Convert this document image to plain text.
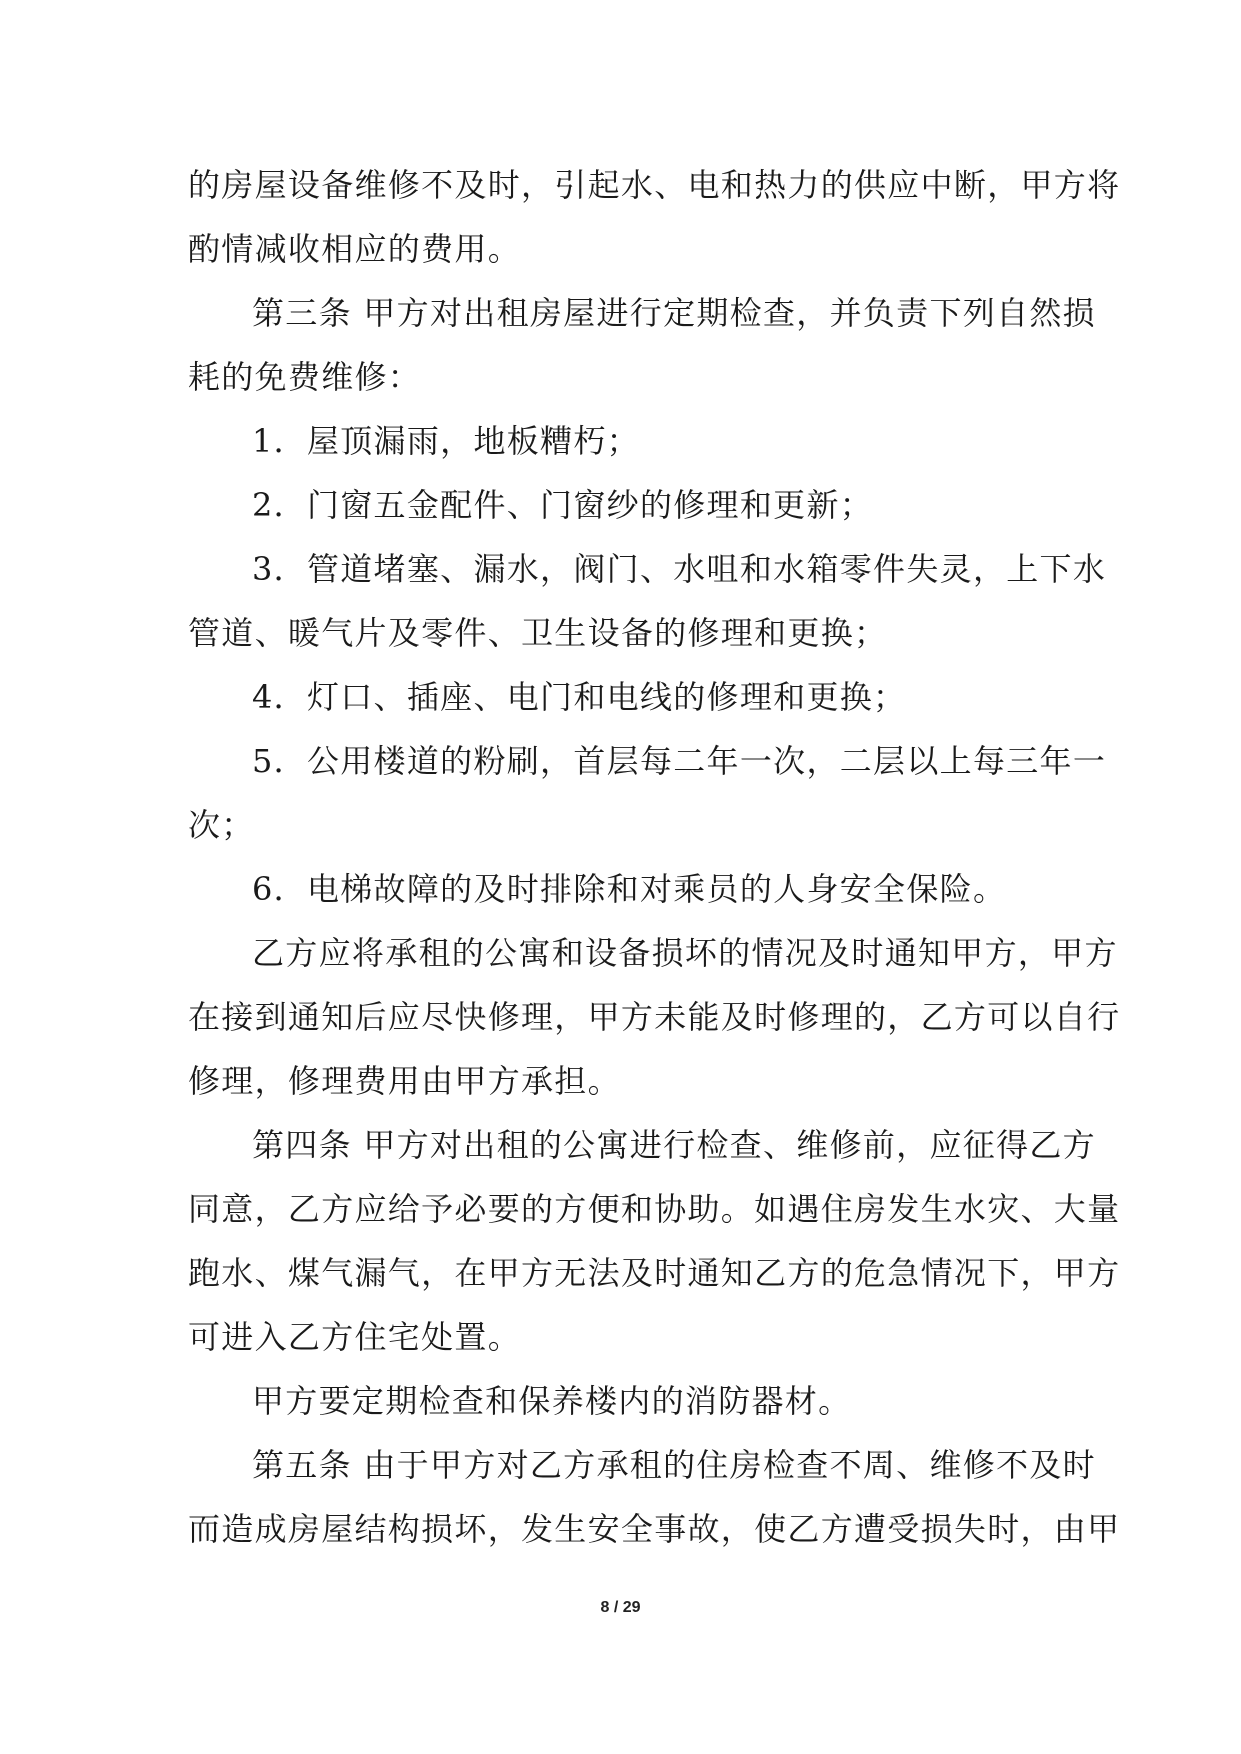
的房屋设备维修不及时，引起水、电和热力的供应中断，甲方将
酌情减收相应的费用。
第三条 甲方对出租房屋进行定期检查，并负责下列自然损
耗的免费维修：
1．屋顶漏雨，地板糟朽；
2．门窗五金配件、门窗纱的修理和更新；
3．管道堵塞、漏水，阀门、水咀和水箱零件失灵，上下水
管道、暖气片及零件、卫生设备的修理和更换；
4．灯口、插座、电门和电线的修理和更换；
5．公用楼道的粉刷，首层每二年一次，二层以上每三年一
次；
6．电梯故障的及时排除和对乘员的人身安全保险。
乙方应将承租的公寓和设备损坏的情况及时通知甲方，甲方
在接到通知后应尽快修理，甲方未能及时修理的，乙方可以自行
修理，修理费用由甲方承担。
第四条 甲方对出租的公寓进行检查、维修前，应征得乙方
同意，乙方应给予必要的方便和协助。如遇住房发生水灾、大量
跑水、煤气漏气，在甲方无法及时通知乙方的危急情况下，甲方
可进入乙方住宅处置。
甲方要定期检查和保养楼内的消防器材。
第五条 由于甲方对乙方承租的住房检查不周、维修不及时
而造成房屋结构损坏，发生安全事故，使乙方遭受损失时，由甲
8 / 29
